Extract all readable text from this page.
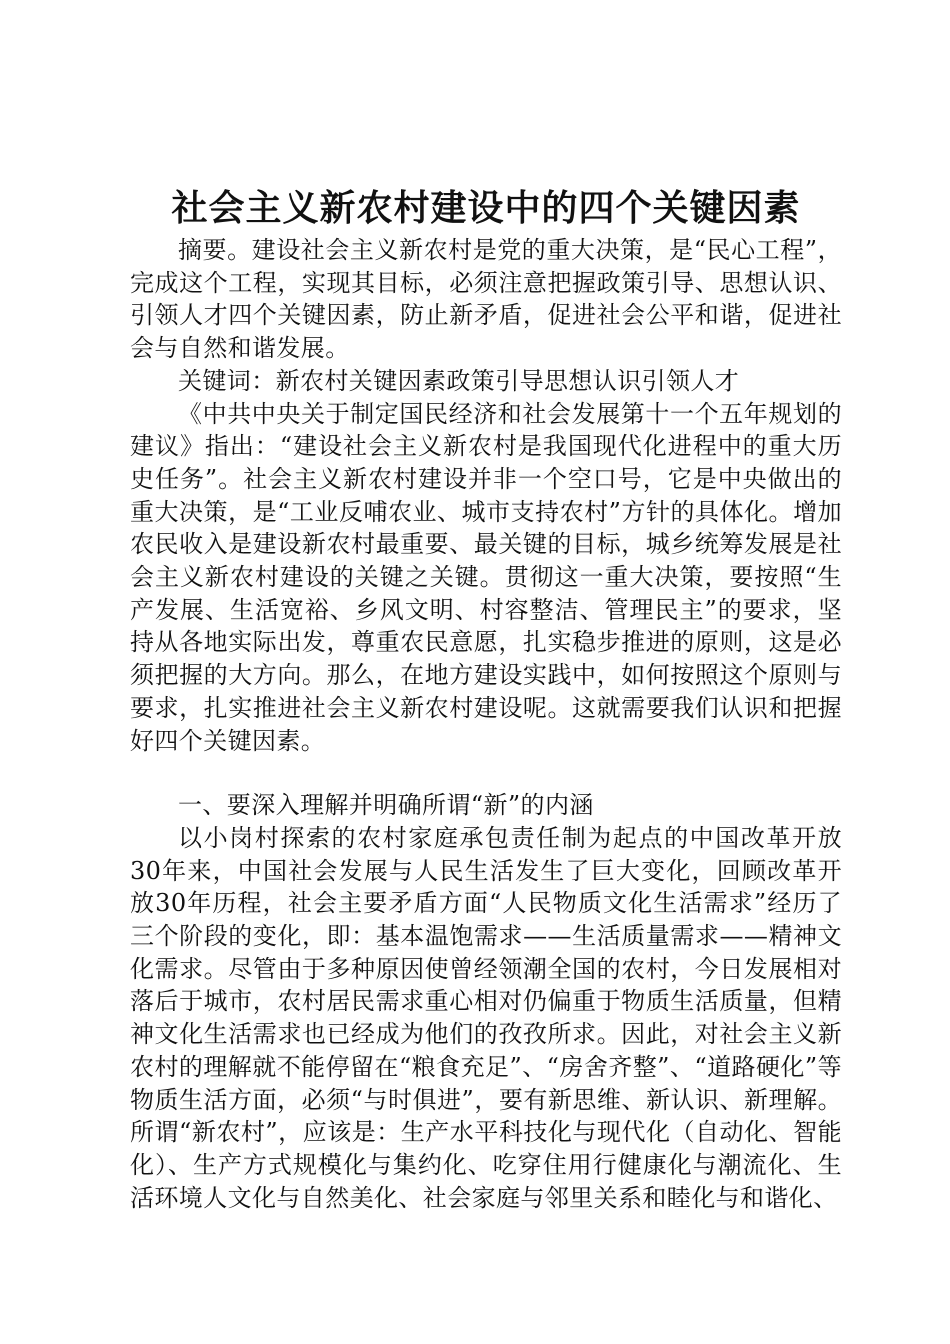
社会主义新农村建设中的四个关键因素

摘要。建设社会主义新农村是党的重大决策，是“民心工程”，完成这个工程，实现其目标，必须注意把握政策引导、思想认识、引领人才四个关键因素，防止新矛盾，促进社会公平和谐，促进社会与自然和谐发展。

关键词：新农村关键因素政策引导思想认识引领人才

《中共中央关于制定国民经济和社会发展第十一个五年规划的建议》指出：“建设社会主义新农村是我国现代化进程中的重大历史任务”。社会主义新农村建设并非一个空口号，它是中央做出的重大决策，是“工业反哺农业、城市支持农村”方针的具体化。增加农民收入是建设新农村最重要、最关键的目标，城乡统筹发展是社会主义新农村建设的关键之关键。贯彻这一重大决策，要按照“生产发展、生活宽裕、乡风文明、村容整洁、管理民主”的要求，坚持从各地实际出发，尊重农民意愿，扎实稳步推进的原则，这是必须把握的大方向。那么，在地方建设实践中，如何按照这个原则与要求，扎实推进社会主义新农村建设呢。这就需要我们认识和把握好四个关键因素。

一、要深入理解并明确所谓“新”的内涵

以小岗村探索的农村家庭承包责任制为起点的中国改革开放30年来，中国社会发展与人民生活发生了巨大变化，回顾改革开放30年历程，社会主要矛盾方面“人民物质文化生活需求”经历了三个阶段的变化，即：基本温饱需求——生活质量需求——精神文化需求。尽管由于多种原因使曾经领潮全国的农村，今日发展相对落后于城市，农村居民需求重心相对仍偏重于物质生活质量，但精神文化生活需求也已经成为他们的孜孜所求。因此，对社会主义新农村的理解就不能停留在“粮食充足”、“房舍齐整”、“道路硬化”等物质生活方面，必须“与时俱进”，要有新思维、新认识、新理解。所谓“新农村”，应该是：生产水平科技化与现代化（自动化、智能化）、生产方式规模化与集约化、吃穿住用行健康化与潮流化、生活环境人文化与自然美化、社会家庭与邻里关系和睦化与和谐化、
